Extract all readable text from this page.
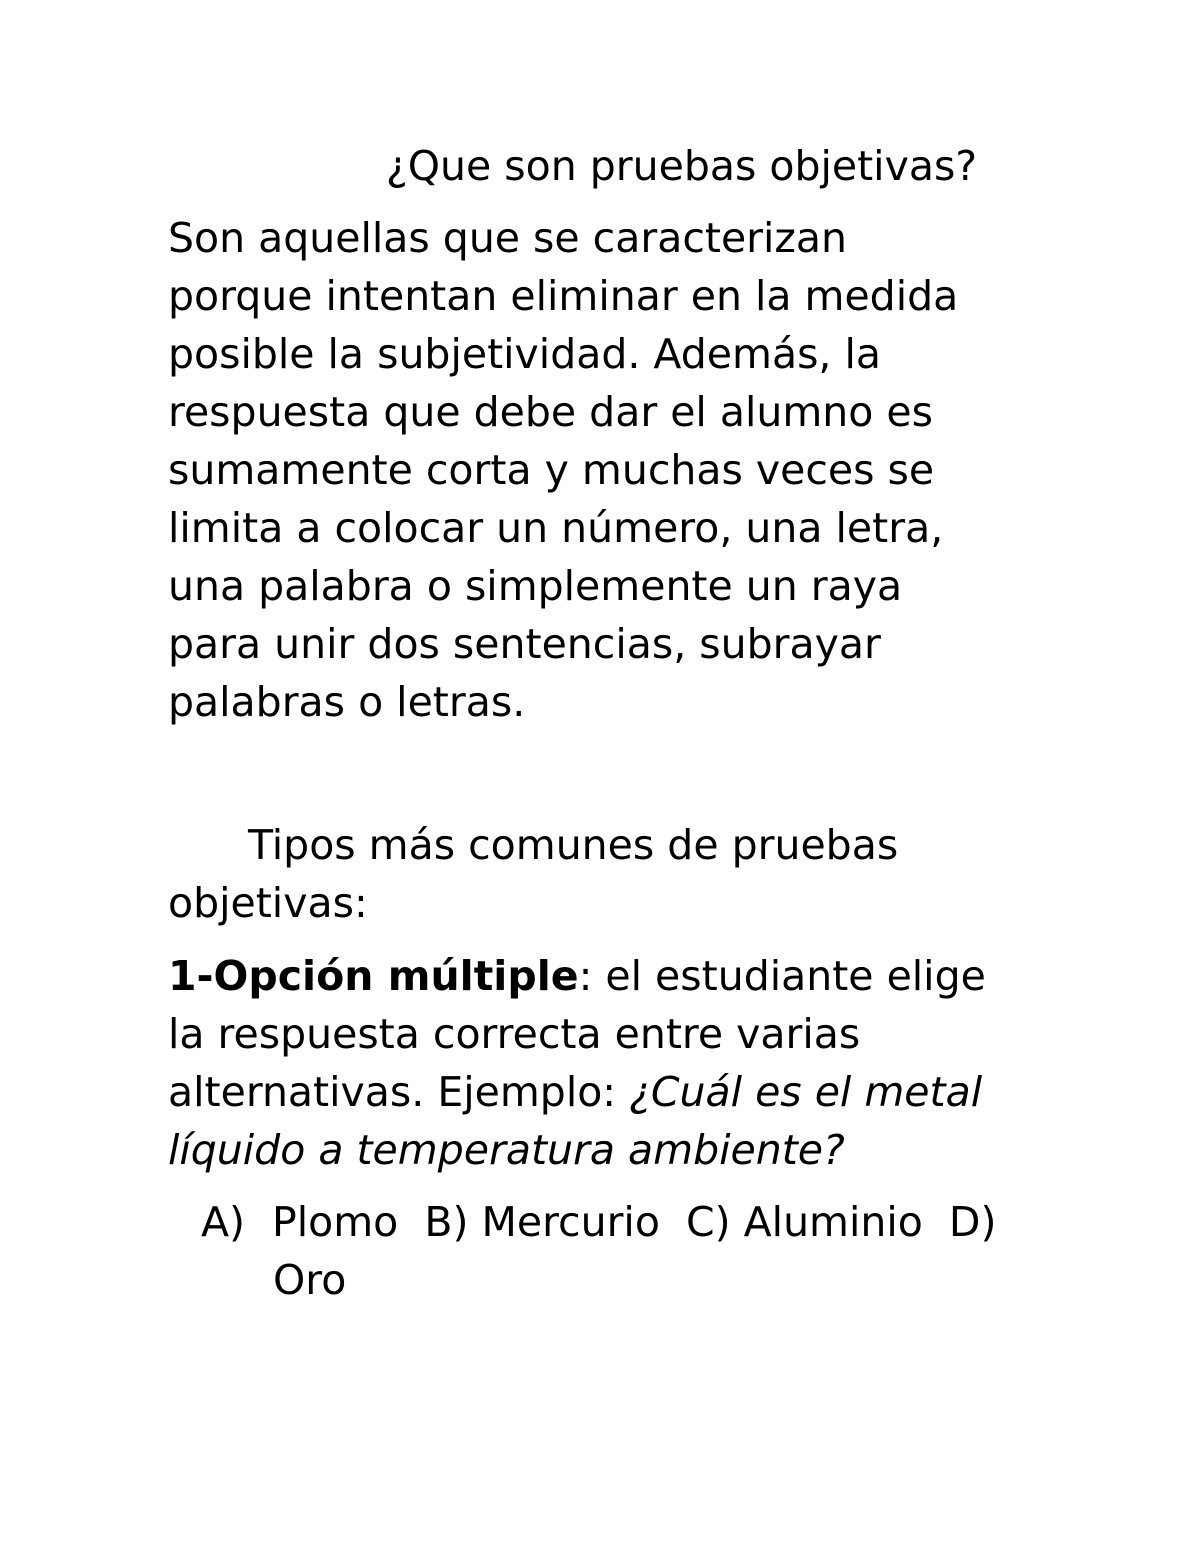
¿Que son pruebas objetivas?
Son aquellas que se caracterizan
porque intentan eliminar en la medida
posible la subjetividad. Además, la
respuesta que debe dar el alumno es
sumamente corta y muchas veces se
limita a colocar un número, una letra,
una palabra o simplemente un raya
para unir dos sentencias, subrayar
palabras o letras.
Tipos más comunes de pruebas
objetivas:
1-Opción múltiple: el estudiante elige
la respuesta correcta entre varias
alternativas. Ejemplo: ¿Cuál es el metal
líquido a temperatura ambiente?
A) Plomo  B) Mercurio  C) Aluminio  D)
Oro
